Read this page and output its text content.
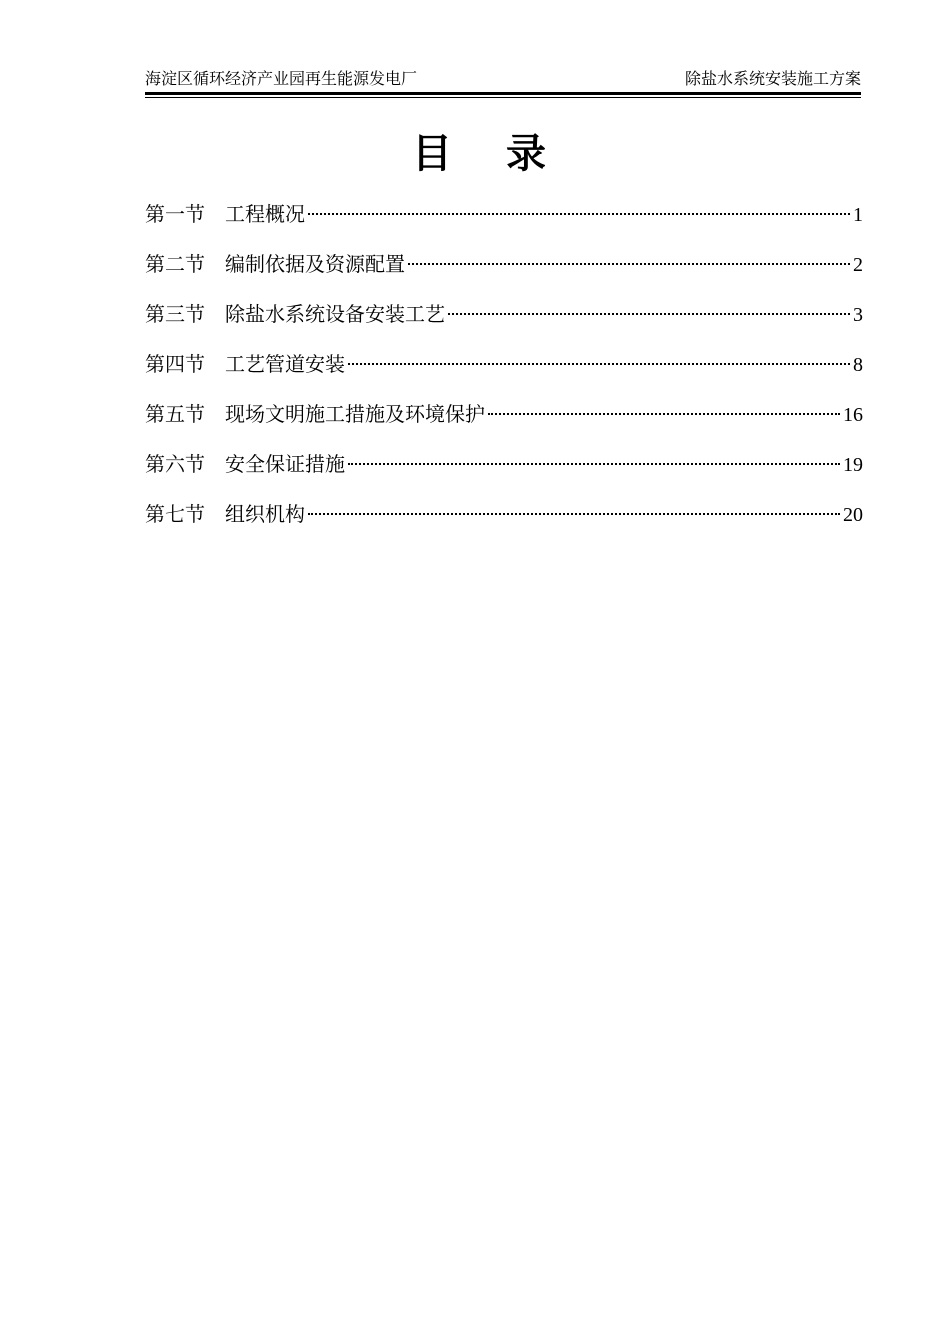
海淀区循环经济产业园再生能源发电厂	除盐水系统安装施工方案
目录
第一节 工程概况	1
第二节 编制依据及资源配置	2
第三节 除盐水系统设备安装工艺	3
第四节 工艺管道安装	8
第五节 现场文明施工措施及环境保护	16
第六节 安全保证措施	19
第七节 组织机构	20
